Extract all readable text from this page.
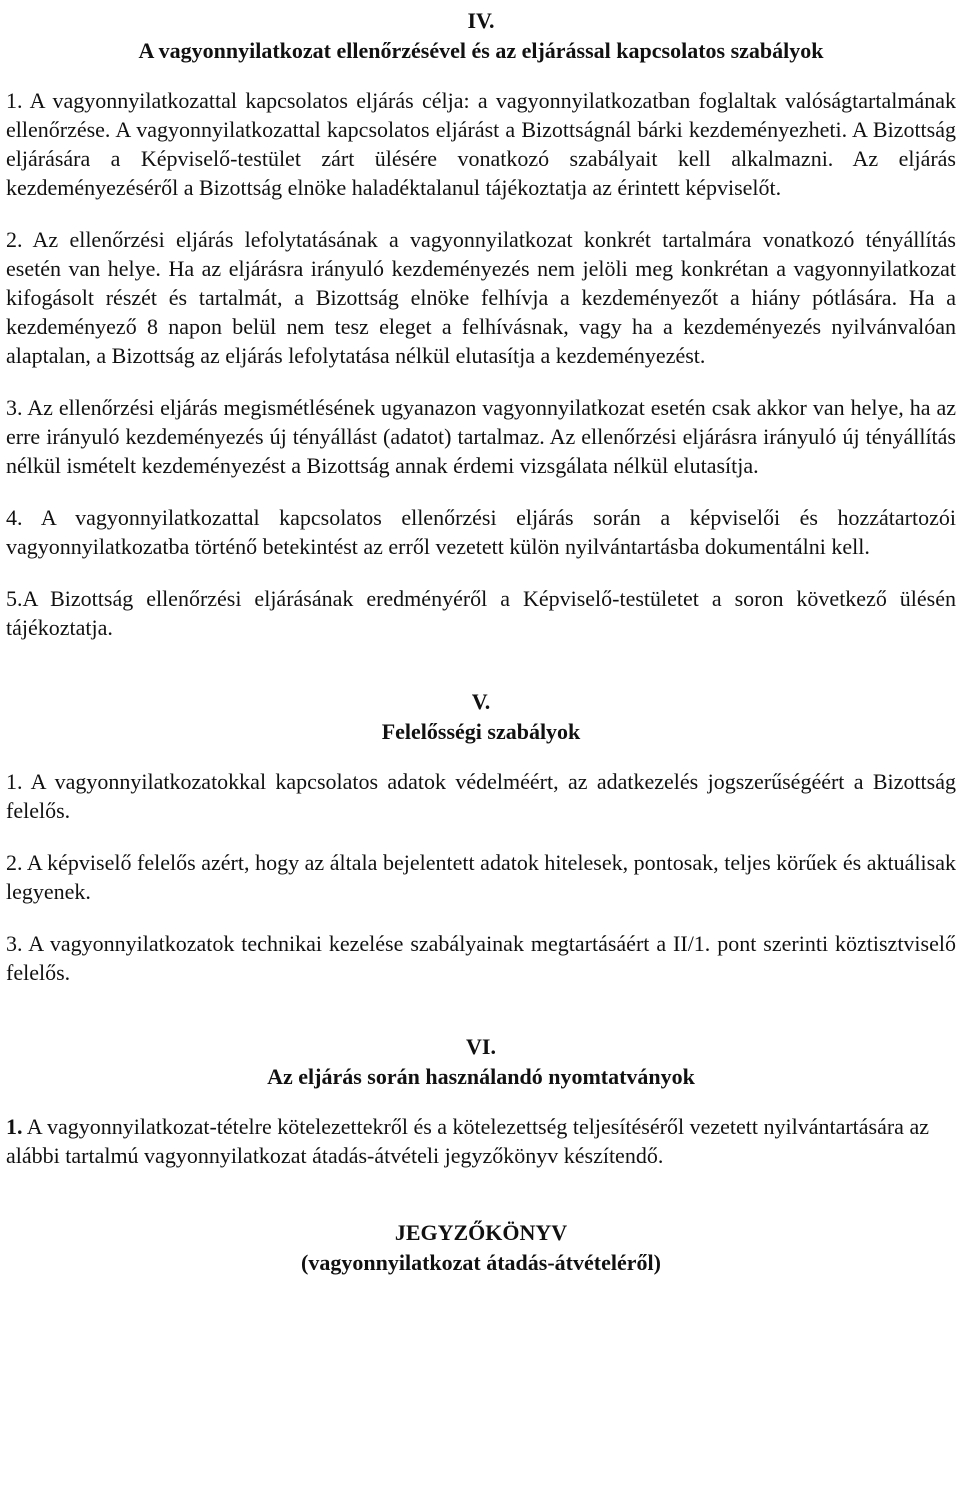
IV.

A vagyonnyilatkozat ellenőrzésével és az eljárással kapcsolatos szabályok

1. A vagyonnyilatkozattal kapcsolatos eljárás célja: a vagyonnyilatkozatban foglaltak valóságtartalmának ellenőrzése. A vagyonnyilatkozattal kapcsolatos eljárást a Bizottságnál bárki kezdeményezheti. A Bizottság eljárására a Képviselő-testület zárt ülésére vonatkozó szabályait kell alkalmazni. Az eljárás kezdeményezéséről a Bizottság elnöke haladéktalanul tájékoztatja az érintett képviselőt.

2. Az ellenőrzési eljárás lefolytatásának a vagyonnyilatkozat konkrét tartalmára vonatkozó tényállítás esetén van helye. Ha az eljárásra irányuló kezdeményezés nem jelöli meg konkrétan a vagyonnyilatkozat kifogásolt részét és tartalmát, a Bizottság elnöke felhívja a kezdeményezőt a hiány pótlására. Ha a kezdeményező 8 napon belül nem tesz eleget a felhívásnak, vagy ha a kezdeményezés nyilvánvalóan alaptalan, a Bizottság az eljárás lefolytatása nélkül elutasítja a kezdeményezést.

3. Az ellenőrzési eljárás megismétlésének ugyanazon vagyonnyilatkozat esetén csak akkor van helye, ha az erre irányuló kezdeményezés új tényállást (adatot) tartalmaz. Az ellenőrzési eljárásra irányuló új tényállítás nélkül ismételt kezdeményezést a Bizottság annak érdemi vizsgálata nélkül elutasítja.

4. A vagyonnyilatkozattal kapcsolatos ellenőrzési eljárás során a képviselői és hozzátartozói vagyonnyilatkozatba történő betekintést az erről vezetett külön nyilvántartásba dokumentálni kell.

5.A Bizottság ellenőrzési eljárásának eredményéről a Képviselő-testületet a soron következő ülésén tájékoztatja.

V.

Felelősségi szabályok

1. A vagyonnyilatkozatokkal kapcsolatos adatok védelméért, az adatkezelés jogszerűségéért a Bizottság felelős.

2. A képviselő felelős azért, hogy az általa bejelentett adatok hitelesek, pontosak, teljes körűek és aktuálisak legyenek.

3. A vagyonnyilatkozatok technikai kezelése szabályainak megtartásáért a II/1. pont szerinti köztisztviselő felelős.

VI.

Az eljárás során használandó nyomtatványok

1. A vagyonnyilatkozat-tételre kötelezettekről és a kötelezettség teljesítéséről vezetett nyilvántartására az alábbi tartalmú vagyonnyilatkozat átadás-átvételi jegyzőkönyv készítendő.

JEGYZŐKÖNYV

(vagyonnyilatkozat átadás-átvételéről)
